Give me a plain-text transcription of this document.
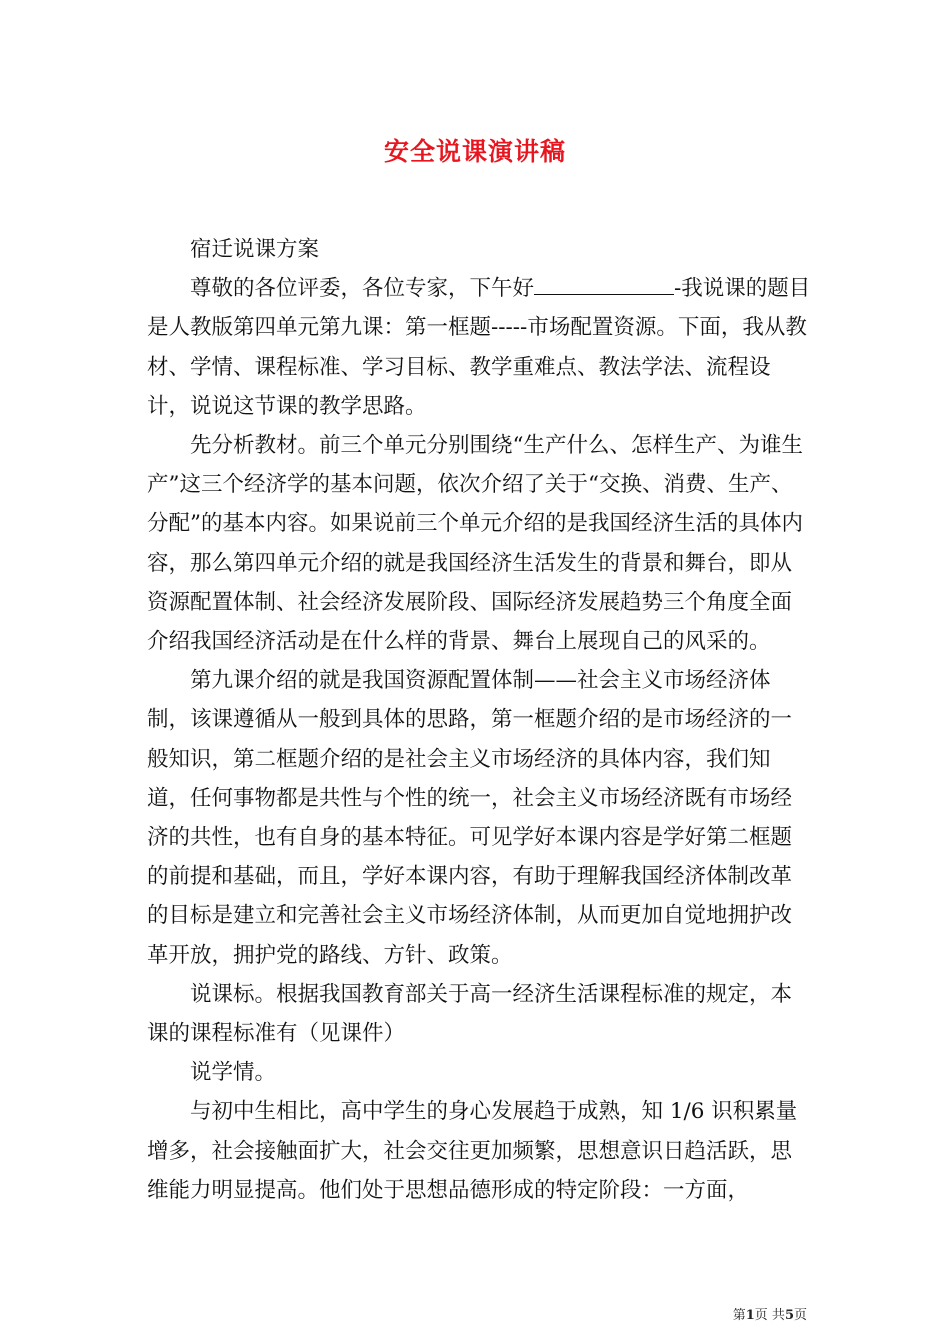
安全说课演讲稿

宿迁说课方案

尊敬的各位评委，各位专家，下午好	-我说课的题目是人教版第四单元第九课：第一框题-----市场配置资源。下面，我从教材、学情、课程标准、学习目标、教学重难点、教法学法、流程设计，说说这节课的教学思路。

先分析教材。前三个单元分别围绕“生产什么、怎样生产、为谁生产”这三个经济学的基本问题，依次介绍了关于“交换、消费、生产、分配”的基本内容。如果说前三个单元介绍的是我国经济生活的具体内容，那么第四单元介绍的就是我国经济生活发生的背景和舞台，即从资源配置体制、社会经济发展阶段、国际经济发展趋势三个角度全面介绍我国经济活动是在什么样的背景、舞台上展现自己的风采的。

第九课介绍的就是我国资源配置体制——社会主义市场经济体制，该课遵循从一般到具体的思路，第一框题介绍的是市场经济的一般知识，第二框题介绍的是社会主义市场经济的具体内容，我们知道，任何事物都是共性与个性的统一，社会主义市场经济既有市场经济的共性，也有自身的基本特征。可见学好本课内容是学好第二框题的前提和基础，而且，学好本课内容，有助于理解我国经济体制改革的目标是建立和完善社会主义市场经济体制，从而更加自觉地拥护改革开放，拥护党的路线、方针、政策。

说课标。根据我国教育部关于高一经济生活课程标准的规定，本课的课程标准有（见课件）

说学情。

与初中生相比，高中学生的身心发展趋于成熟，知 1/6 识积累量增多，社会接触面扩大，社会交往更加频繁，思想意识日趋活跃，思维能力明显提高。他们处于思想品德形成的特定阶段：一方面，

第1页 共5页
